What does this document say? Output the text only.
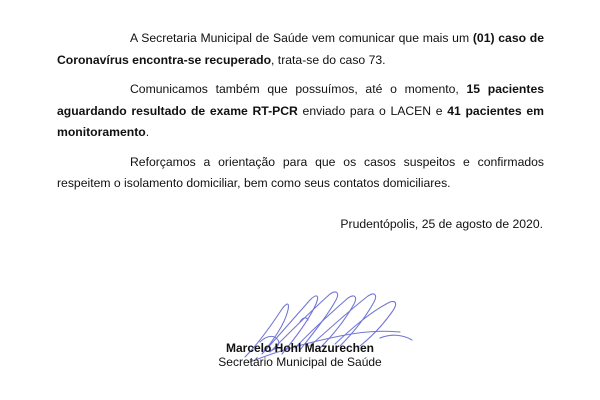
A Secretaria Municipal de Saúde vem comunicar que mais um (01) caso de Coronavírus encontra-se recuperado, trata-se do caso 73.

Comunicamos também que possuímos, até o momento, 15 pacientes aguardando resultado de exame RT-PCR enviado para o LACEN e 41 pacientes em monitoramento.

Reforçamos a orientação para que os casos suspeitos e confirmados respeitem o isolamento domiciliar, bem como seus contatos domiciliares.

Prudentópolis, 25 de agosto de 2020.
Marcelo Hohl Mazurechen
Secretário Municipal de Saúde
